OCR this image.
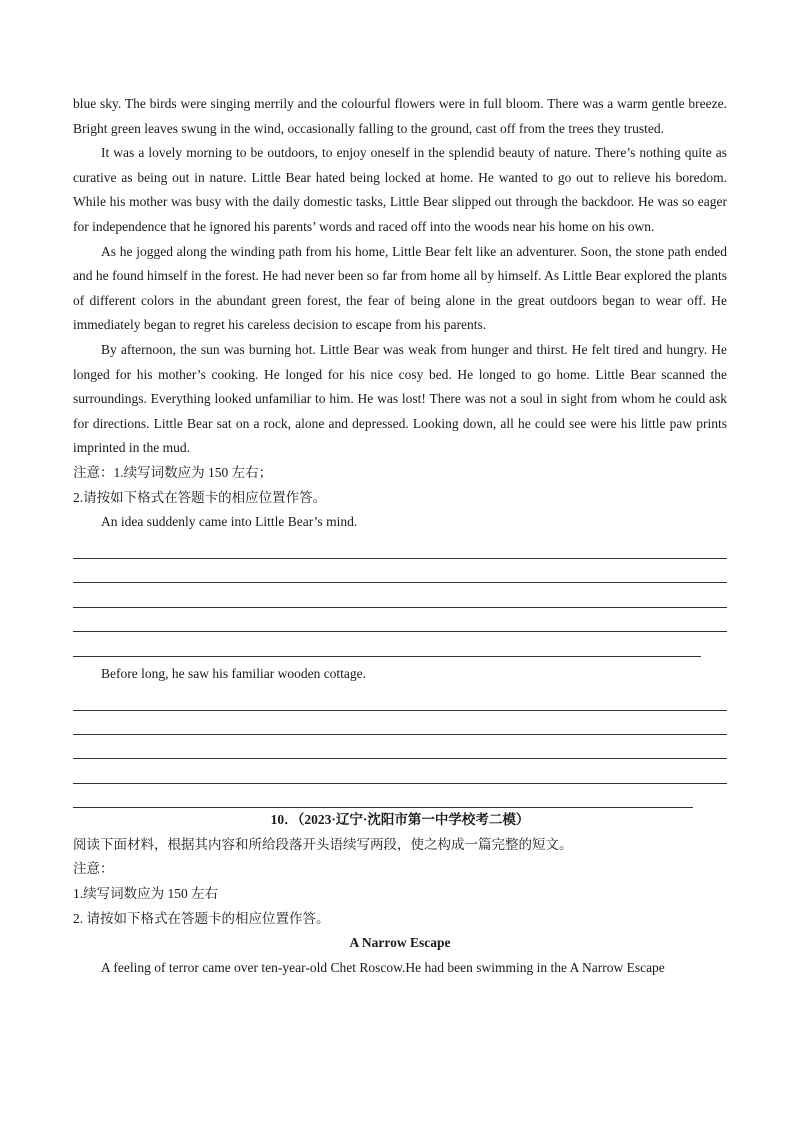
blue sky. The birds were singing merrily and the colourful flowers were in full bloom. There was a warm gentle breeze. Bright green leaves swung in the wind, occasionally falling to the ground, cast off from the trees they trusted.

It was a lovely morning to be outdoors, to enjoy oneself in the splendid beauty of nature. There’s nothing quite as curative as being out in nature. Little Bear hated being locked at home. He wanted to go out to relieve his boredom. While his mother was busy with the daily domestic tasks, Little Bear slipped out through the backdoor. He was so eager for independence that he ignored his parents’ words and raced off into the woods near his home on his own.

As he jogged along the winding path from his home, Little Bear felt like an adventurer. Soon, the stone path ended and he found himself in the forest. He had never been so far from home all by himself. As Little Bear explored the plants of different colors in the abundant green forest, the fear of being alone in the great outdoors began to wear off. He immediately began to regret his careless decision to escape from his parents.

By afternoon, the sun was burning hot. Little Bear was weak from hunger and thirst. He felt tired and hungry. He longed for his mother’s cooking. He longed for his nice cosy bed. He longed to go home. Little Bear scanned the surroundings. Everything looked unfamiliar to him. He was lost! There was not a soul in sight from whom he could ask for directions. Little Bear sat on a rock, alone and depressed. Looking down, all he could see were his little paw prints imprinted in the mud.

注意：1.续写词数应为 150 左右；

2.请按如下格式在答题卡的相应位置作答。

An idea suddenly came into Little Bear’s mind.

Before long, he saw his familiar wooden cottage.

10．（2023·辽宁·沈阳市第一中学校考二模）

阅读下面材料，根据其内容和所给段落开头语续写两段，使之构成一篇完整的短文。

注意：

1.续写词数应为 150 左右

2. 请按如下格式在答题卡的相应位置作答。

A Narrow Escape

A feeling of terror came over ten-year-old Chet Roscow.He had been swimming in the A Narrow Escape
